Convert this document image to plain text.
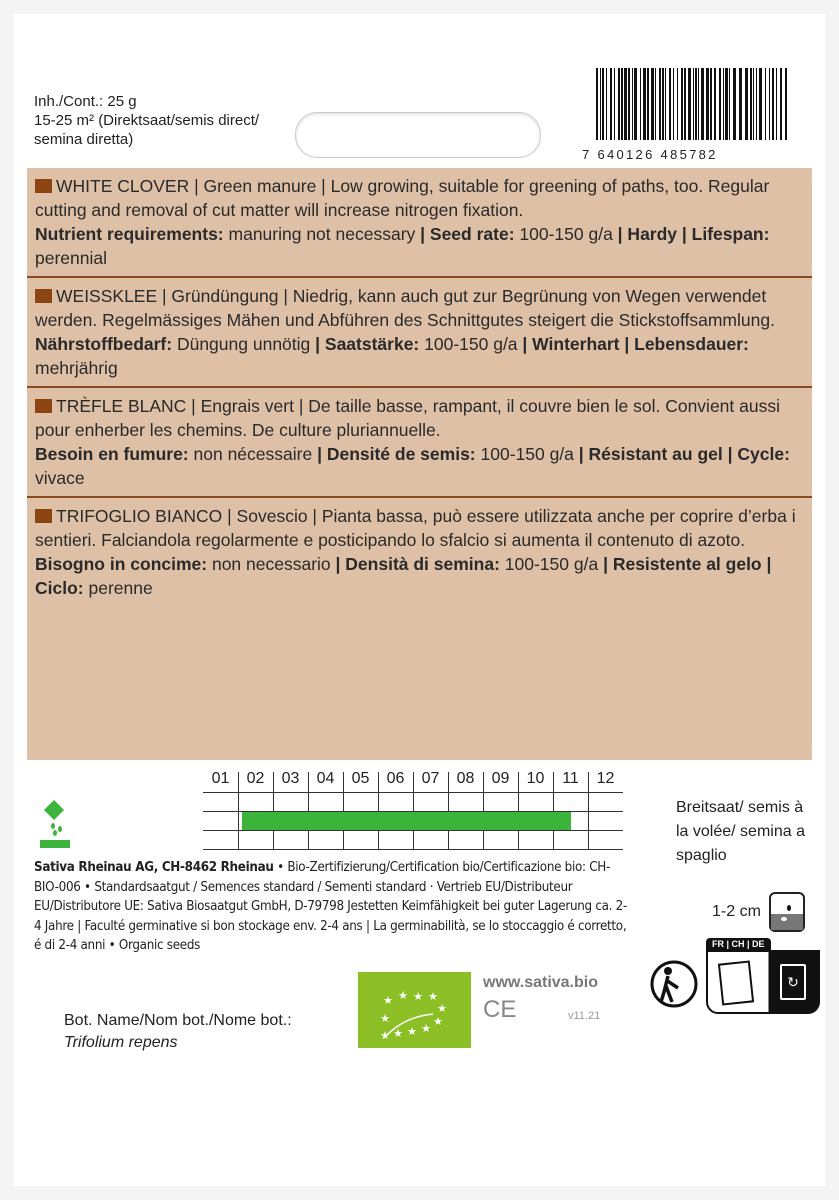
Inh./Cont.: 25 g
15-25 m² (Direktsaat/semis direct/
semina diretta)
7 640126 485782
WHITE CLOVER | Green manure | Low growing, suitable for greening of paths, too. Regular cutting and removal of cut matter will increase nitrogen fixation.
Nutrient requirements: manuring not necessary | Seed rate: 100-150 g/a | Hardy | Lifespan: perennial
WEISSKLEE | Gründüngung | Niedrig, kann auch gut zur Begrünung von Wegen verwendet werden. Regelmässiges Mähen und Abführen des Schnittgutes steigert die Stickstoffsammlung.
Nährstoffbedarf: Düngung unnötig | Saatstärke: 100-150 g/a | Winterhart | Lebensdauer: mehrjährig
TRÈFLE BLANC | Engrais vert | De taille basse, rampant, il couvre bien le sol. Convient aussi pour enherber les chemins. De culture pluriannuelle.
Besoin en fumure: non nécessaire | Densité de semis: 100-150 g/a | Résistant au gel | Cycle: vivace
TRIFOGLIO BIANCO | Sovescio | Pianta bassa, può essere utilizzata anche per coprire d’erba i sentieri. Falciandola regolarmente e posticipando lo sfalcio si aumenta il contenuto di azoto.
Bisogno in concime: non necessario | Densità di semina: 100-150 g/a | Resistente al gelo | Ciclo: perenne
01	02	03	04	05	06	07	08	09	10	11	12
Sativa Rheinau AG, CH-8462 Rheinau • Bio-Zertifizierung/Certification bio/Certificazione bio: CH-BIO-006 • Standardsaatgut / Semences standard / Sementi standard · Vertrieb EU/Distributeur EU/Distributore UE: Sativa Biosaatgut GmbH, D-79798 Jestetten Keimfähigkeit bei guter Lagerung ca. 2-4 Jahre | Faculté germinative si bon stockage env. 2-4 ans | La germinabilità, se lo stoccaggio é corretto, é di 2-4 anni • Organic seeds
Breitsaat/ semis à la volée/ semina a spaglio
1-2 cm
Bot. Name/Nom bot./Nome bot.:
Trifolium repens
★ ★ ★ ★
★
★
★
★
★
★
★
www.sativa.bio
CE	v11.21
FR | CH | DE
↻
